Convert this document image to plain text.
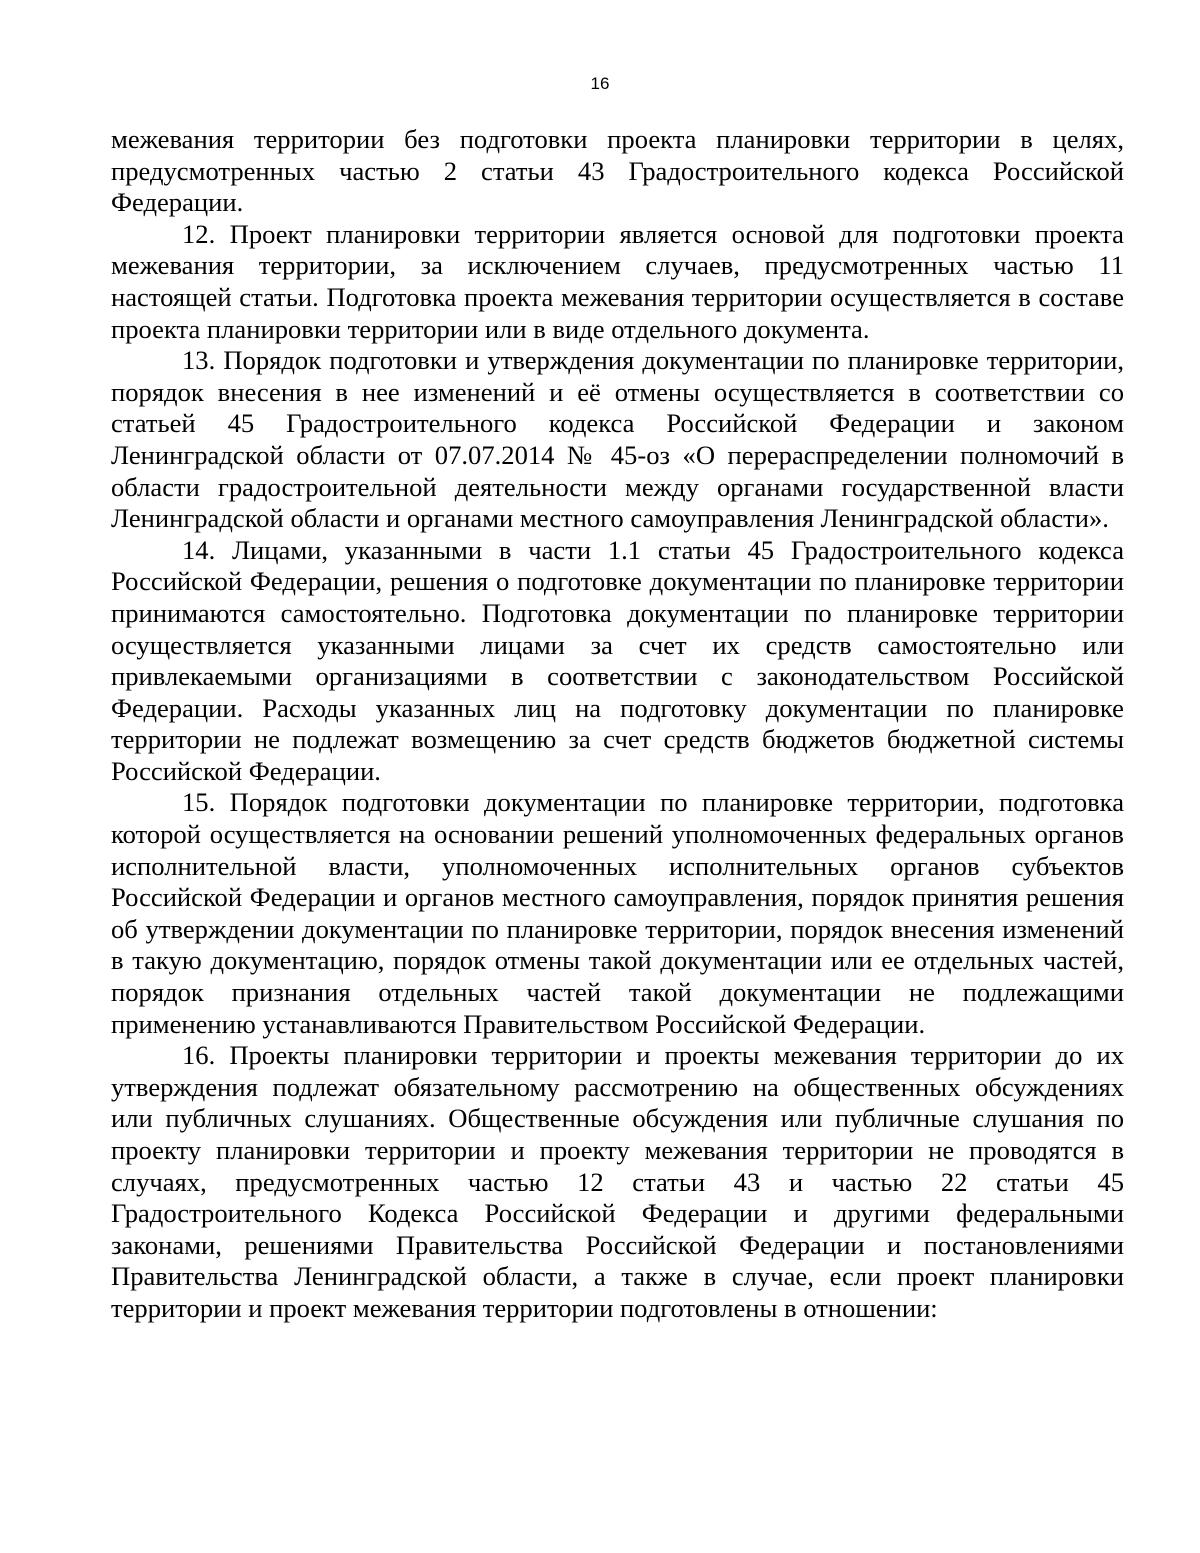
16

межевания территории без подготовки проекта планировки территории в целях, предусмотренных частью 2 статьи 43 Градостроительного кодекса Российской Федерации.

12. Проект планировки территории является основой для подготовки проекта межевания территории, за исключением случаев, предусмотренных частью 11 настоящей статьи. Подготовка проекта межевания территории осуществляется в составе проекта планировки территории или в виде отдельного документа.

13. Порядок подготовки и утверждения документации по планировке территории, порядок внесения в нее изменений и её отмены осуществляется в соответствии со статьей 45 Градостроительного кодекса Российской Федерации и законом Ленинградской области от 07.07.2014 № 45-оз «О перераспределении полномочий в области градостроительной деятельности между органами государственной власти Ленинградской области и органами местного самоуправления Ленинградской области».

14. Лицами, указанными в части 1.1 статьи 45 Градостроительного кодекса Российской Федерации, решения о подготовке документации по планировке территории принимаются самостоятельно. Подготовка документации по планировке территории осуществляется указанными лицами за счет их средств самостоятельно или привлекаемыми организациями в соответствии с законодательством Российской Федерации. Расходы указанных лиц на подготовку документации по планировке территории не подлежат возмещению за счет средств бюджетов бюджетной системы Российской Федерации.

15. Порядок подготовки документации по планировке территории, подготовка которой осуществляется на основании решений уполномоченных федеральных органов исполнительной власти, уполномоченных исполнительных органов субъектов Российской Федерации и органов местного самоуправления, порядок принятия решения об утверждении документации по планировке территории, порядок внесения изменений в такую документацию, порядок отмены такой документации или ее отдельных частей, порядок признания отдельных частей такой документации не подлежащими применению устанавливаются Правительством Российской Федерации.

16. Проекты планировки территории и проекты межевания территории до их утверждения подлежат обязательному рассмотрению на общественных обсуждениях или публичных слушаниях. Общественные обсуждения или публичные слушания по проекту планировки территории и проекту межевания территории не проводятся в случаях, предусмотренных частью 12 статьи 43 и частью 22 статьи 45 Градостроительного Кодекса Российской Федерации и другими федеральными законами, решениями Правительства Российской Федерации и постановлениями Правительства Ленинградской области, а также в случае, если проект планировки территории и проект межевания территории подготовлены в отношении:
